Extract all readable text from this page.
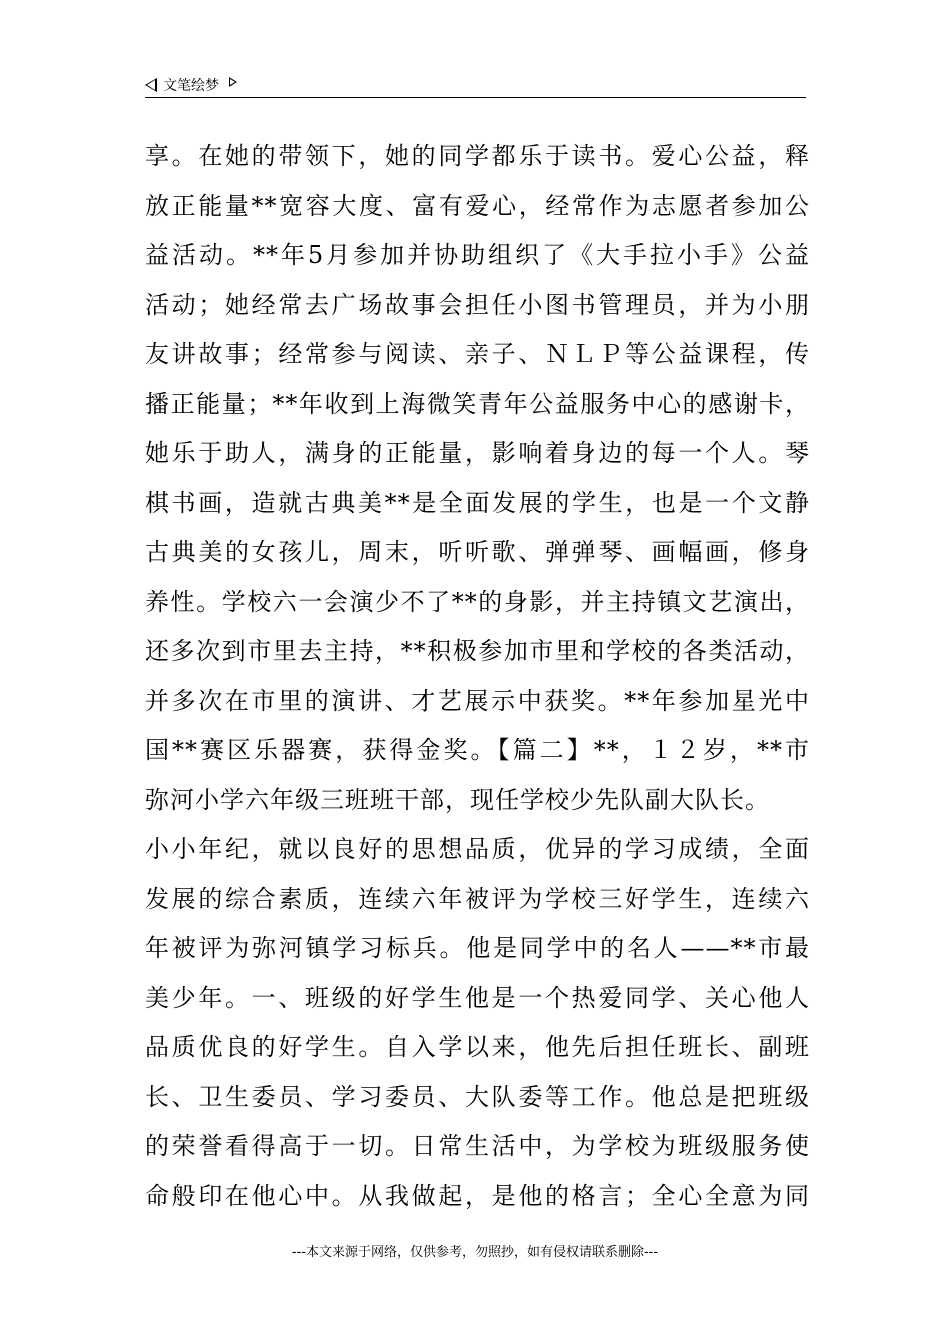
文笔绘梦
享。在她的带领下，她的同学都乐于读书。爱心公益，释
放正能量**宽容大度、富有爱心，经常作为志愿者参加公
益活动。**年5月参加并协助组织了《大手拉小手》公益
活动；她经常去广场故事会担任小图书管理员，并为小朋
友讲故事；经常参与阅读、亲子、ＮＬＰ等公益课程，传
播正能量；**年收到上海微笑青年公益服务中心的感谢卡，
她乐于助人，满身的正能量，影响着身边的每一个人。琴
棋书画，造就古典美**是全面发展的学生，也是一个文静
古典美的女孩儿，周末，听听歌、弹弹琴、画幅画，修身
养性。学校六一会演少不了**的身影，并主持镇文艺演出，
还多次到市里去主持，**积极参加市里和学校的各类活动，
并多次在市里的演讲、才艺展示中获奖。**年参加星光中
国**赛区乐器赛，获得金奖。【篇二】**，１２岁，**市
弥河小学六年级三班班干部，现任学校少先队副大队长。
小小年纪，就以良好的思想品质，优异的学习成绩，全面
发展的综合素质，连续六年被评为学校三好学生，连续六
年被评为弥河镇学习标兵。他是同学中的名人——**市最
美少年。一、班级的好学生他是一个热爱同学、关心他人
品质优良的好学生。自入学以来，他先后担任班长、副班
长、卫生委员、学习委员、大队委等工作。他总是把班级
的荣誉看得高于一切。日常生活中，为学校为班级服务使
命般印在他心中。从我做起，是他的格言；全心全意为同
---本文来源于网络，仅供参考，勿照抄，如有侵权请联系删除---
